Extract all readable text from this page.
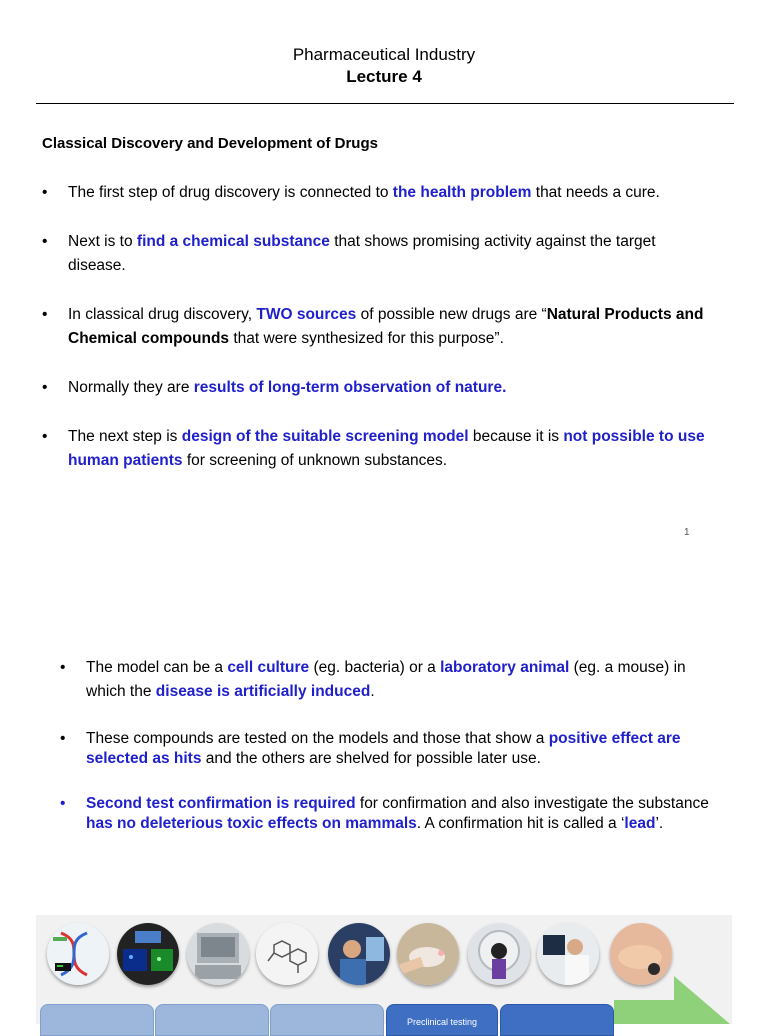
Pharmaceutical Industry
Lecture 4
Classical Discovery and Development of Drugs
• The first step of drug discovery is connected to the health problem that needs a cure.
• Next is to find a chemical substance that shows promising activity against the target disease.
• In classical drug discovery, TWO sources of possible new drugs are “Natural Products and Chemical compounds that were synthesized for this purpose”.
• Normally they are results of long-term observation of nature.
• The next step is design of the suitable screening model because it is not possible to use human patients for screening of unknown substances.
1
• The model can be a cell culture (eg. bacteria) or a laboratory animal (eg. a mouse) in which the disease is artificially induced.
• These compounds are tested on the models and those that show a positive effect are selected as hits and the others are shelved for possible later use.
• Second test confirmation is required for confirmation and also investigate the substance has no deleterious toxic effects on mammals. A confirmation hit is called a ‘lead’.
Preclinical testing
